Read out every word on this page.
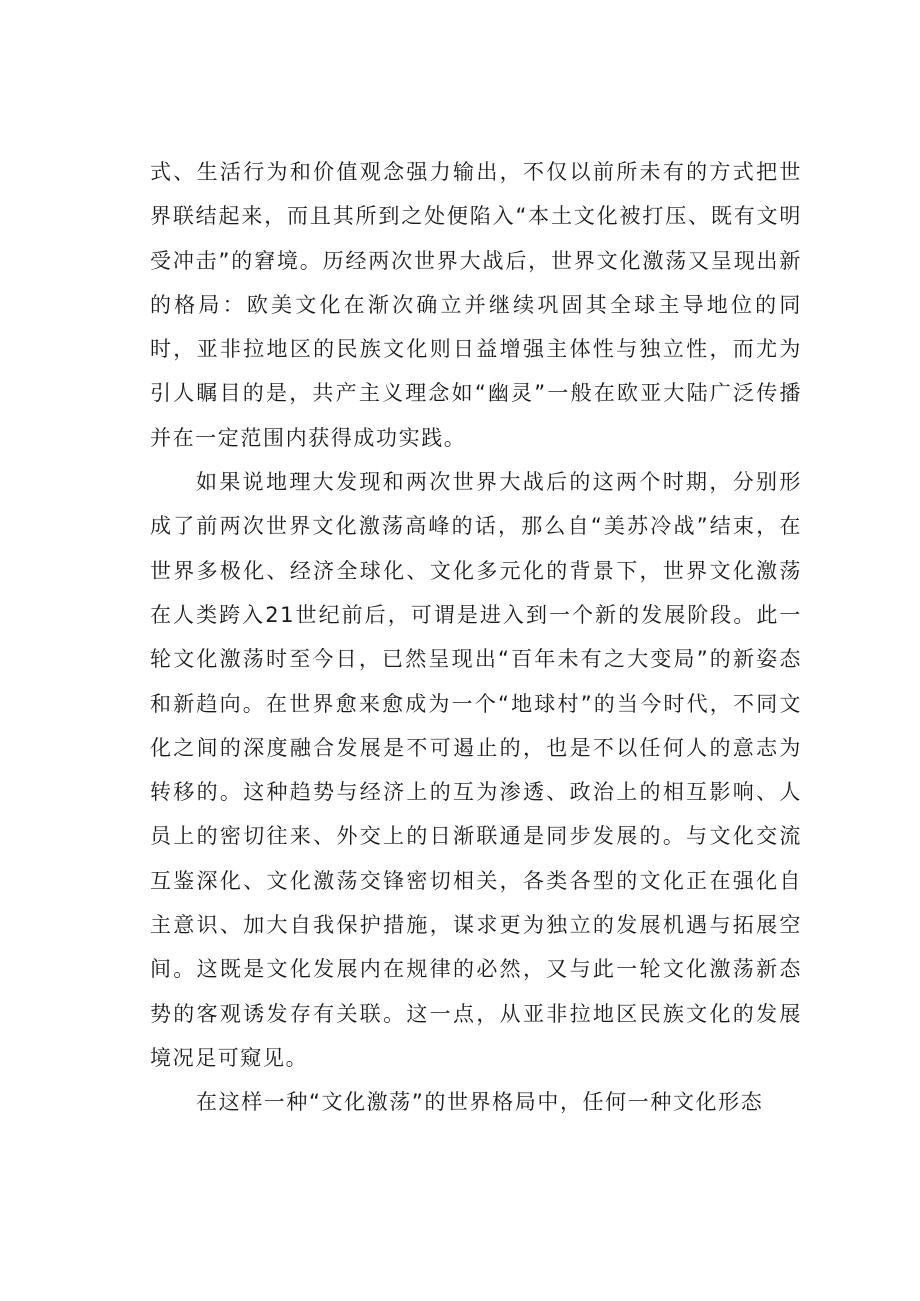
式、生活行为和价值观念强力输出，不仅以前所未有的方式把世界联结起来，而且其所到之处便陷入“本土文化被打压、既有文明受冲击”的窘境。历经两次世界大战后，世界文化激荡又呈现出新的格局：欧美文化在渐次确立并继续巩固其全球主导地位的同时，亚非拉地区的民族文化则日益增强主体性与独立性，而尤为引人瞩目的是，共产主义理念如“幽灵”一般在欧亚大陆广泛传播并在一定范围内获得成功实践。

如果说地理大发现和两次世界大战后的这两个时期，分别形成了前两次世界文化激荡高峰的话，那么自“美苏冷战”结束，在世界多极化、经济全球化、文化多元化的背景下，世界文化激荡在人类跨入21世纪前后，可谓是进入到一个新的发展阶段。此一轮文化激荡时至今日，已然呈现出“百年未有之大变局”的新姿态和新趋向。在世界愈来愈成为一个“地球村”的当今时代，不同文化之间的深度融合发展是不可遏止的，也是不以任何人的意志为转移的。这种趋势与经济上的互为渗透、政治上的相互影响、人员上的密切往来、外交上的日渐联通是同步发展的。与文化交流互鉴深化、文化激荡交锋密切相关，各类各型的文化正在强化自主意识、加大自我保护措施，谋求更为独立的发展机遇与拓展空间。这既是文化发展内在规律的必然，又与此一轮文化激荡新态势的客观诱发存有关联。这一点，从亚非拉地区民族文化的发展境况足可窥见。

在这样一种“文化激荡”的世界格局中，任何一种文化形态
